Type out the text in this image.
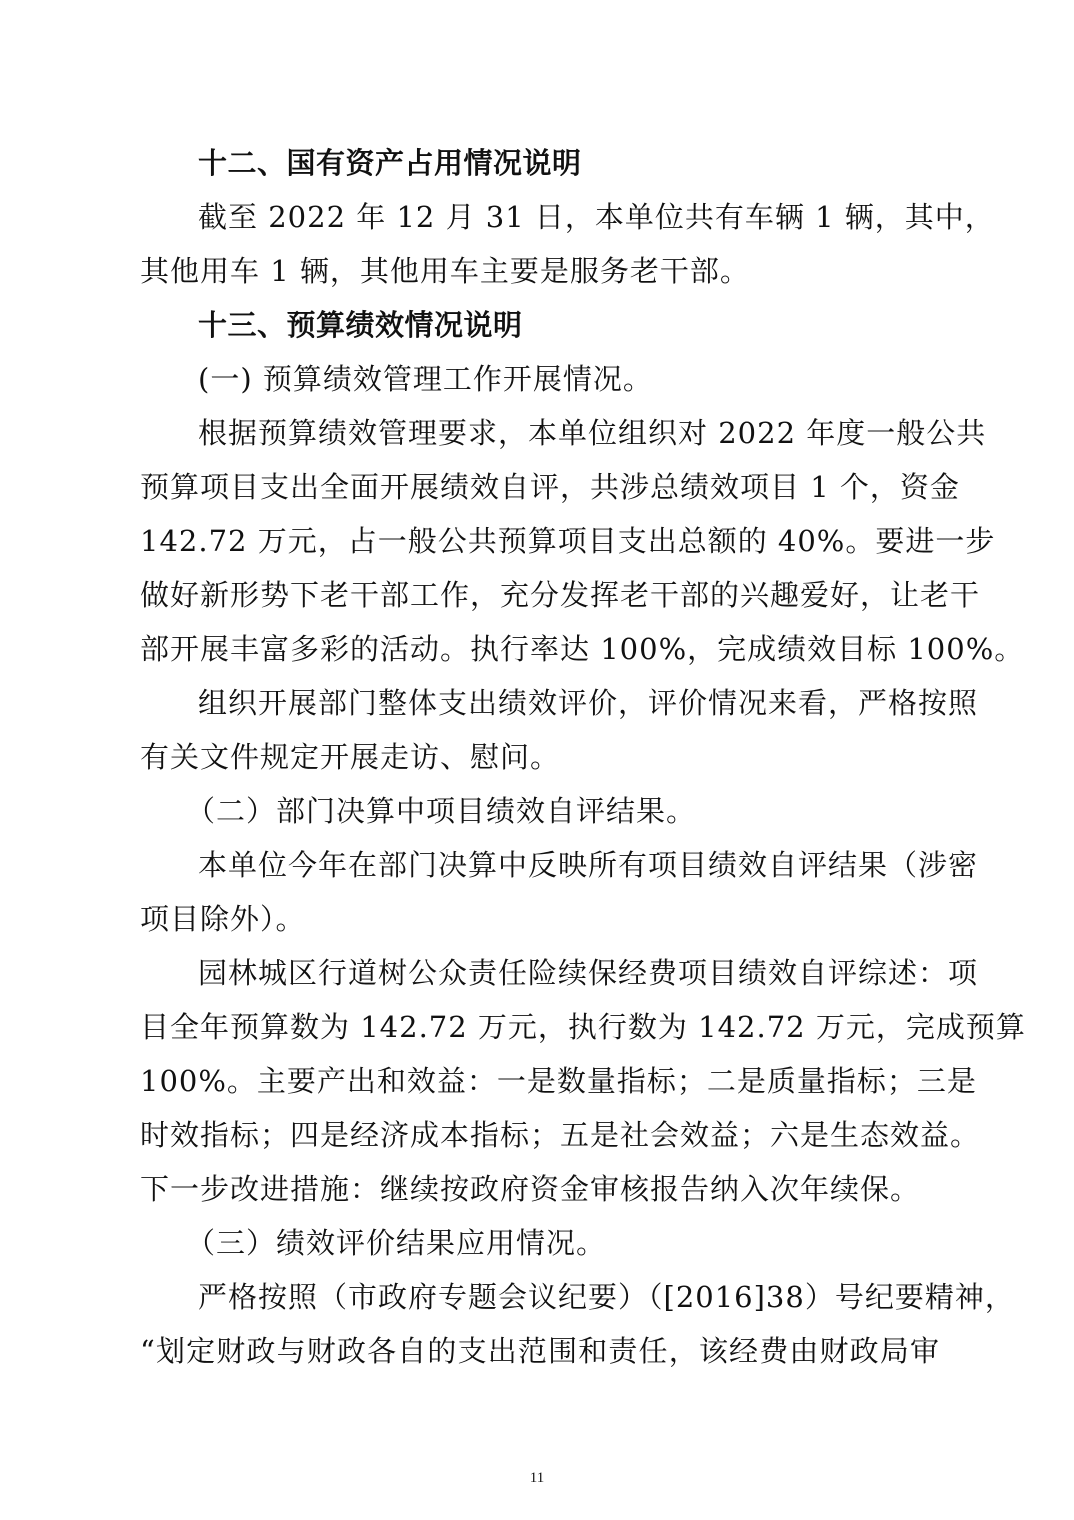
十二、国有资产占用情况说明
截至 2022 年 12 月 31 日，本单位共有车辆 1 辆，其中，
其他用车 1 辆，其他用车主要是服务老干部。
十三、预算绩效情况说明
(一) 预算绩效管理工作开展情况。
根据预算绩效管理要求，本单位组织对 2022 年度一般公共
预算项目支出全面开展绩效自评，共涉总绩效项目 1 个，资金
142.72 万元，占一般公共预算项目支出总额的 40%。要进一步
做好新形势下老干部工作，充分发挥老干部的兴趣爱好，让老干
部开展丰富多彩的活动。执行率达 100%，完成绩效目标 100%。
组织开展部门整体支出绩效评价，评价情况来看，严格按照
有关文件规定开展走访、慰问。
（二）部门决算中项目绩效自评结果。
本单位今年在部门决算中反映所有项目绩效自评结果（涉密
项目除外）。
园林城区行道树公众责任险续保经费项目绩效自评综述：项
目全年预算数为 142.72 万元，执行数为 142.72 万元，完成预算
100%。主要产出和效益：一是数量指标；二是质量指标；三是
时效指标；四是经济成本指标；五是社会效益；六是生态效益。
下一步改进措施：继续按政府资金审核报告纳入次年续保。
（三）绩效评价结果应用情况。
严格按照（市政府专题会议纪要）（[2016]38）号纪要精神，
“划定财政与财政各自的支出范围和责任，该经费由财政局审
11
